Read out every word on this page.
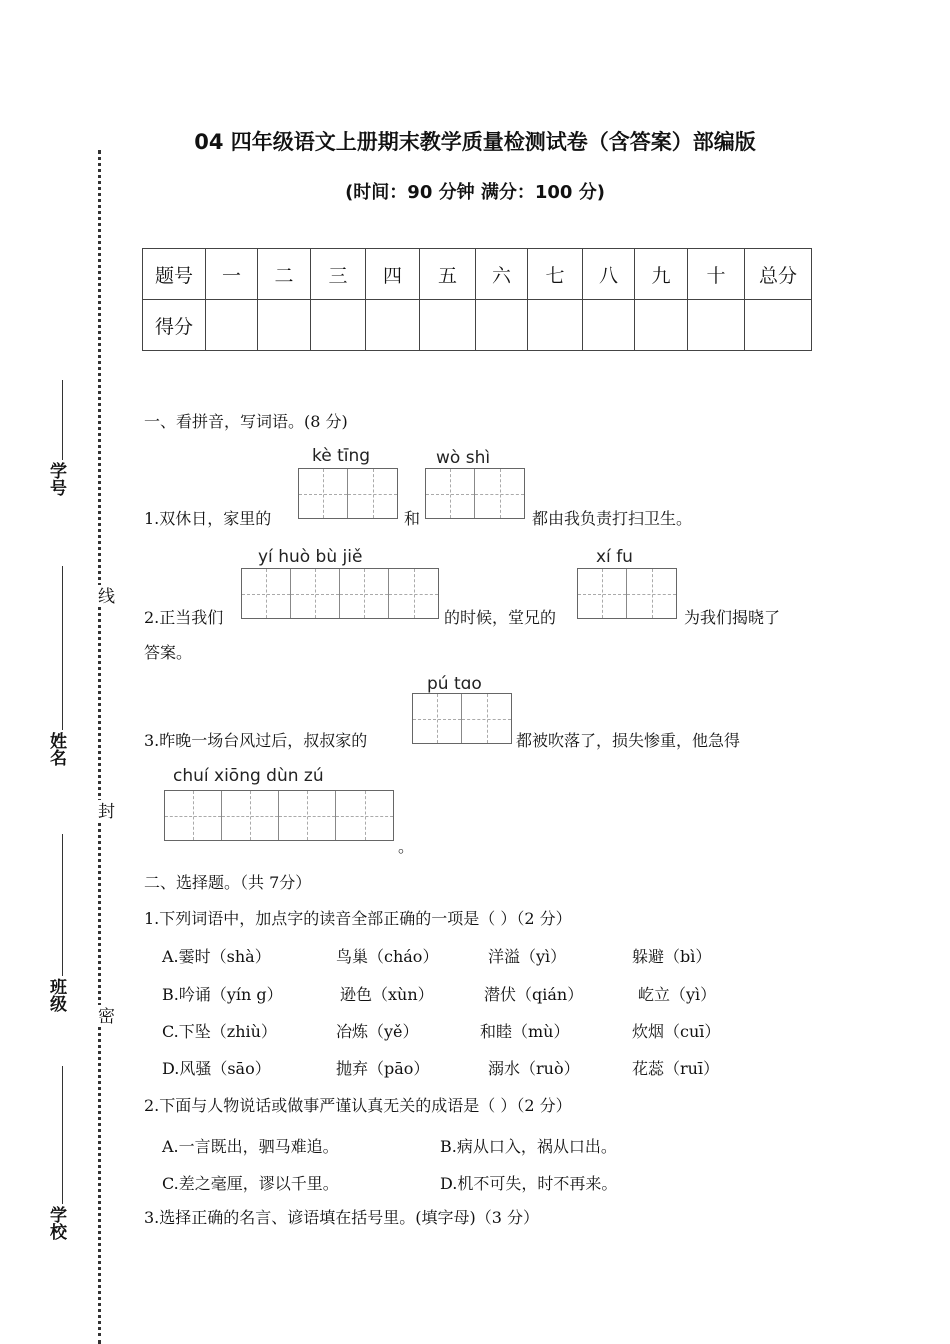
线
封
密
学号
姓名
班级
学校
04 四年级语文上册期末教学质量检测试卷（含答案）部编版
(时间：90 分钟 满分：100 分)
题号	一	二	三	四	五	六	七	八	九	十	总分
得分											
一、看拼音，写词语。(8 分)
kè tīng	wò shì
1.双休日，家里的	和	都由我负责打扫卫生。
yí huò bù jiě	xí fu
2.正当我们	的时候，堂兄的	为我们揭晓了
答案。
pú tɑo
3.昨晚一场台风过后，叔叔家的	都被吹落了，损失惨重，他急得
chuí xiōng dùn zú
。
二、选择题。（共 7分）
1.下列词语中，加点字的读音全部正确的一项是（ ）（2 分）
A.霎时（shà）	鸟巢（cháo）	洋溢（yì）	躲避（bì）
B.吟诵（yín g）	逊色（xùn）	潜伏（qián）	屹立（yì）
C.下坠（zhiù）	冶炼（yě）	和睦（mù）	炊烟（cuī）
D.风骚（sāo）	抛弃（pāo）	溺水（ruò）	花蕊（ruī）
2.下面与人物说话或做事严谨认真无关的成语是（ ）（2 分）
A.一言既出，驷马难追。	B.病从口入，祸从口出。
C.差之毫厘，谬以千里。	D.机不可失，时不再来。
3.选择正确的名言、谚语填在括号里。(填字母)（3 分）
